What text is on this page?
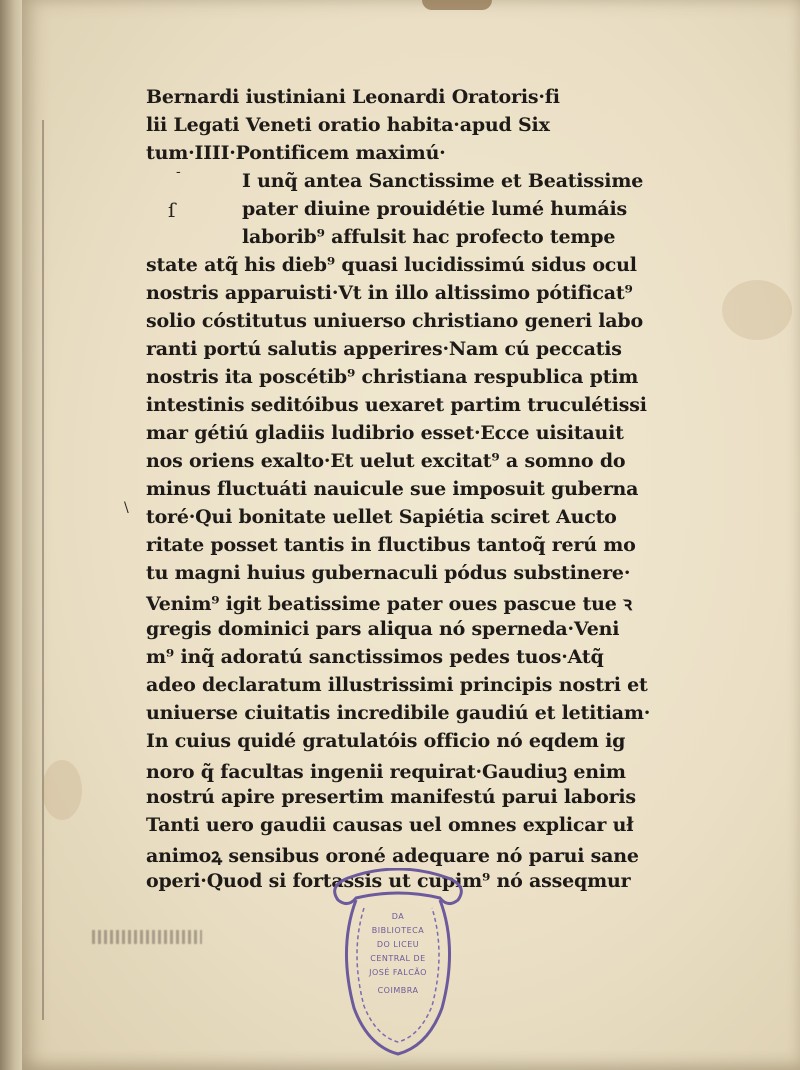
Bernardi iustiniani Leonardi Oratoris·fi
lii Legati Veneti oratio habita·apud Six
tum·IIII·Pontificem maximú·
I unq̃ antea Sanctissime et Beatissime
pater diuine prouidétie lumé humáis
laborib⁹ affulsit hac profecto tempe
state atq̃ his dieb⁹ quasi lucidissimú sidus ocul
nostris apparuisti·Vt in illo altissimo pótificat⁹
solio cóstitutus uniuerso christiano generi labo
ranti portú salutis apperires·Nam cú peccatis
nostris ita poscétib⁹ christiana respublica ptim
intestinis seditóibus uexaret partim truculétissi
mar gétiú gladiis ludibrio esset·Ecce uisitauit
nos oriens exalto·Et uelut excitat⁹ a somno do
minus fluctuáti nauicule sue imposuit guberna
toré·Qui bonitate uellet Sapiétia sciret Aucto
ritate posset tantis in fluctibus tantoq̃ rerú mo
tu magni huius gubernaculi pódus substinere·
Venim⁹ igit beatissime pater oues pascue tue ꝛ
gregis dominici pars aliqua nó sperneda·Veni
m⁹ inq̃ adoratú sanctissimos pedes tuos·Atq̃
adeo declaratum illustrissimi principis nostri et
uniuerse ciuitatis incredibile gaudiú et letitiam·
In cuius quidé gratulatóis officio nó eqdem ig
noro q̃ facultas ingenii requirat·Gaudiuꝫ enim
nostrú apire presertim manifestú parui laboris
Tanti uero gaudii causas uel omnes explicar uł
animoꝝ sensibus oroné adequare nó parui sane
operi·Quod si fortassis ut cupim⁹ nó asseqmur
ſ
-
\
DA
BIBLIOTECA
DO LICEU
CENTRAL DE
JOSÉ FALCÃO
COIMBRA
